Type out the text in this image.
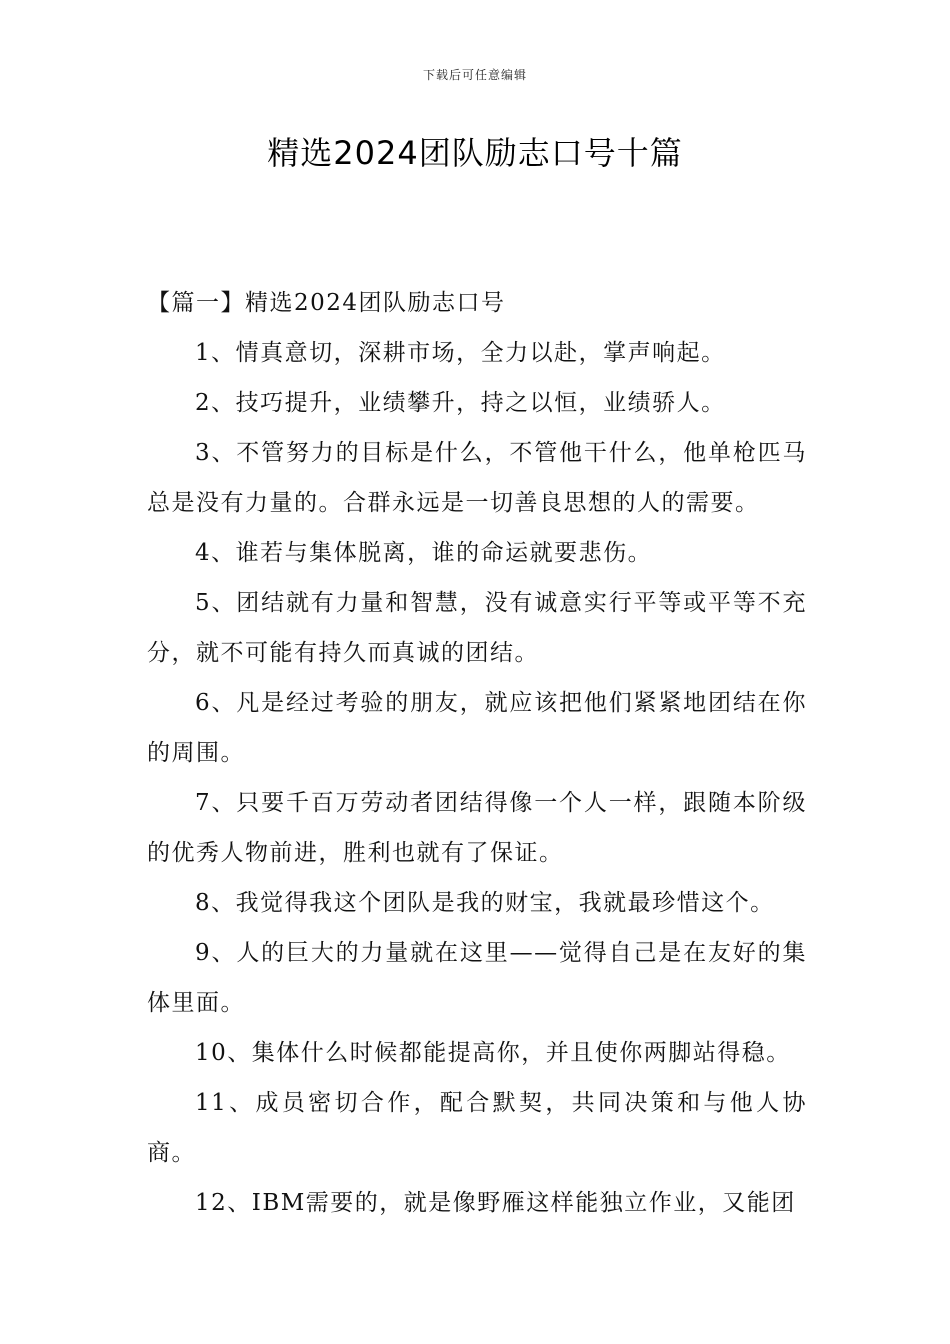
下载后可任意编辑
精选2024团队励志口号十篇
【篇一】精选2024团队励志口号

1、情真意切，深耕市场，全力以赴，掌声响起。

2、技巧提升，业绩攀升，持之以恒，业绩骄人。

3、不管努力的目标是什么，不管他干什么，他单枪匹马总是没有力量的。合群永远是一切善良思想的人的需要。

4、谁若与集体脱离，谁的命运就要悲伤。

5、团结就有力量和智慧，没有诚意实行平等或平等不充分，就不可能有持久而真诚的团结。

6、凡是经过考验的朋友，就应该把他们紧紧地团结在你的周围。

7、只要千百万劳动者团结得像一个人一样，跟随本阶级的优秀人物前进，胜利也就有了保证。

8、我觉得我这个团队是我的财宝，我就最珍惜这个。

9、人的巨大的力量就在这里——觉得自己是在友好的集体里面。

10、集体什么时候都能提高你，并且使你两脚站得稳。

11、成员密切合作，配合默契，共同决策和与他人协商。

12、IBM需要的，就是像野雁这样能独立作业，又能团
